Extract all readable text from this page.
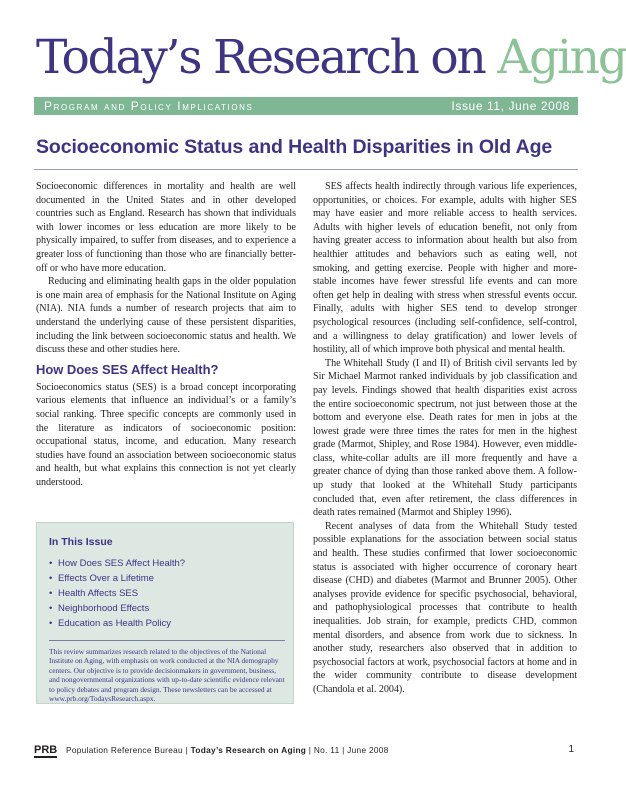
Today’s Research on Aging
Program and Policy Implications	Issue 11, June 2008
Socioeconomic Status and Health Disparities in Old Age

Socioeconomic differences in mortality and health are well documented in the United States and in other developed countries such as England. Research has shown that individuals with lower incomes or less education are more likely to be physically impaired, to suffer from diseases, and to experience a greater loss of functioning than those who are financially better-off or who have more education.

Reducing and eliminating health gaps in the older population is one main area of emphasis for the National Institute on Aging (NIA). NIA funds a number of research projects that aim to understand the underlying cause of these persistent disparities, including the link between socioeconomic status and health. We discuss these and other studies here.

How Does SES Affect Health?

Socioeconomics status (SES) is a broad concept incorporating various elements that influence an individual’s or a family’s social ranking. Three specific concepts are commonly used in the literature as indicators of socioeconomic position: occupational status, income, and education. Many research studies have found an association between socioeconomic status and health, but what explains this connection is not yet clearly understood.

In This Issue
• How Does SES Affect Health?
• Effects Over a Lifetime
• Health Affects SES
• Neighborhood Effects
• Education as Health Policy

This review summarizes research related to the objectives of the National Institute on Aging, with emphasis on work conducted at the NIA demography centers. Our objective is to provide decisionmakers in government, business, and nongovernmental organizations with up-to-date scientific evidence relevant to policy debates and program design. These newsletters can be accessed at www.prb.org/TodaysResearch.aspx.

SES affects health indirectly through various life experiences, opportunities, or choices. For example, adults with higher SES may have easier and more reliable access to health services. Adults with higher levels of education benefit, not only from having greater access to information about health but also from healthier attitudes and behaviors such as eating well, not smoking, and getting exercise. People with higher and more-stable incomes have fewer stressful life events and can more often get help in dealing with stress when stressful events occur. Finally, adults with higher SES tend to develop stronger psychological resources (including self-confidence, self-control, and a willingness to delay gratification) and lower levels of hostility, all of which improve both physical and mental health.

The Whitehall Study (I and II) of British civil servants led by Sir Michael Marmot ranked individuals by job classification and pay levels. Findings showed that health disparities exist across the entire socioeconomic spectrum, not just between those at the bottom and everyone else. Death rates for men in jobs at the lowest grade were three times the rates for men in the highest grade (Marmot, Shipley, and Rose 1984). However, even middle-class, white-collar adults are ill more frequently and have a greater chance of dying than those ranked above them. A follow-up study that looked at the Whitehall Study participants concluded that, even after retirement, the class differences in death rates remained (Marmot and Shipley 1996).

Recent analyses of data from the Whitehall Study tested possible explanations for the association between social status and health. These studies confirmed that lower socioeconomic status is associated with higher occurrence of coronary heart disease (CHD) and diabetes (Marmot and Brunner 2005). Other analyses provide evidence for specific psychosocial, behavioral, and pathophysiological processes that contribute to health inequalities. Job strain, for example, predicts CHD, common mental disorders, and absence from work due to sickness. In another study, researchers also observed that in addition to psychosocial factors at work, psychosocial factors at home and in the wider community contribute to disease development (Chandola et al. 2004).

PRB Population Reference Bureau | Today’s Research on Aging | No. 11 | June 2008	1
